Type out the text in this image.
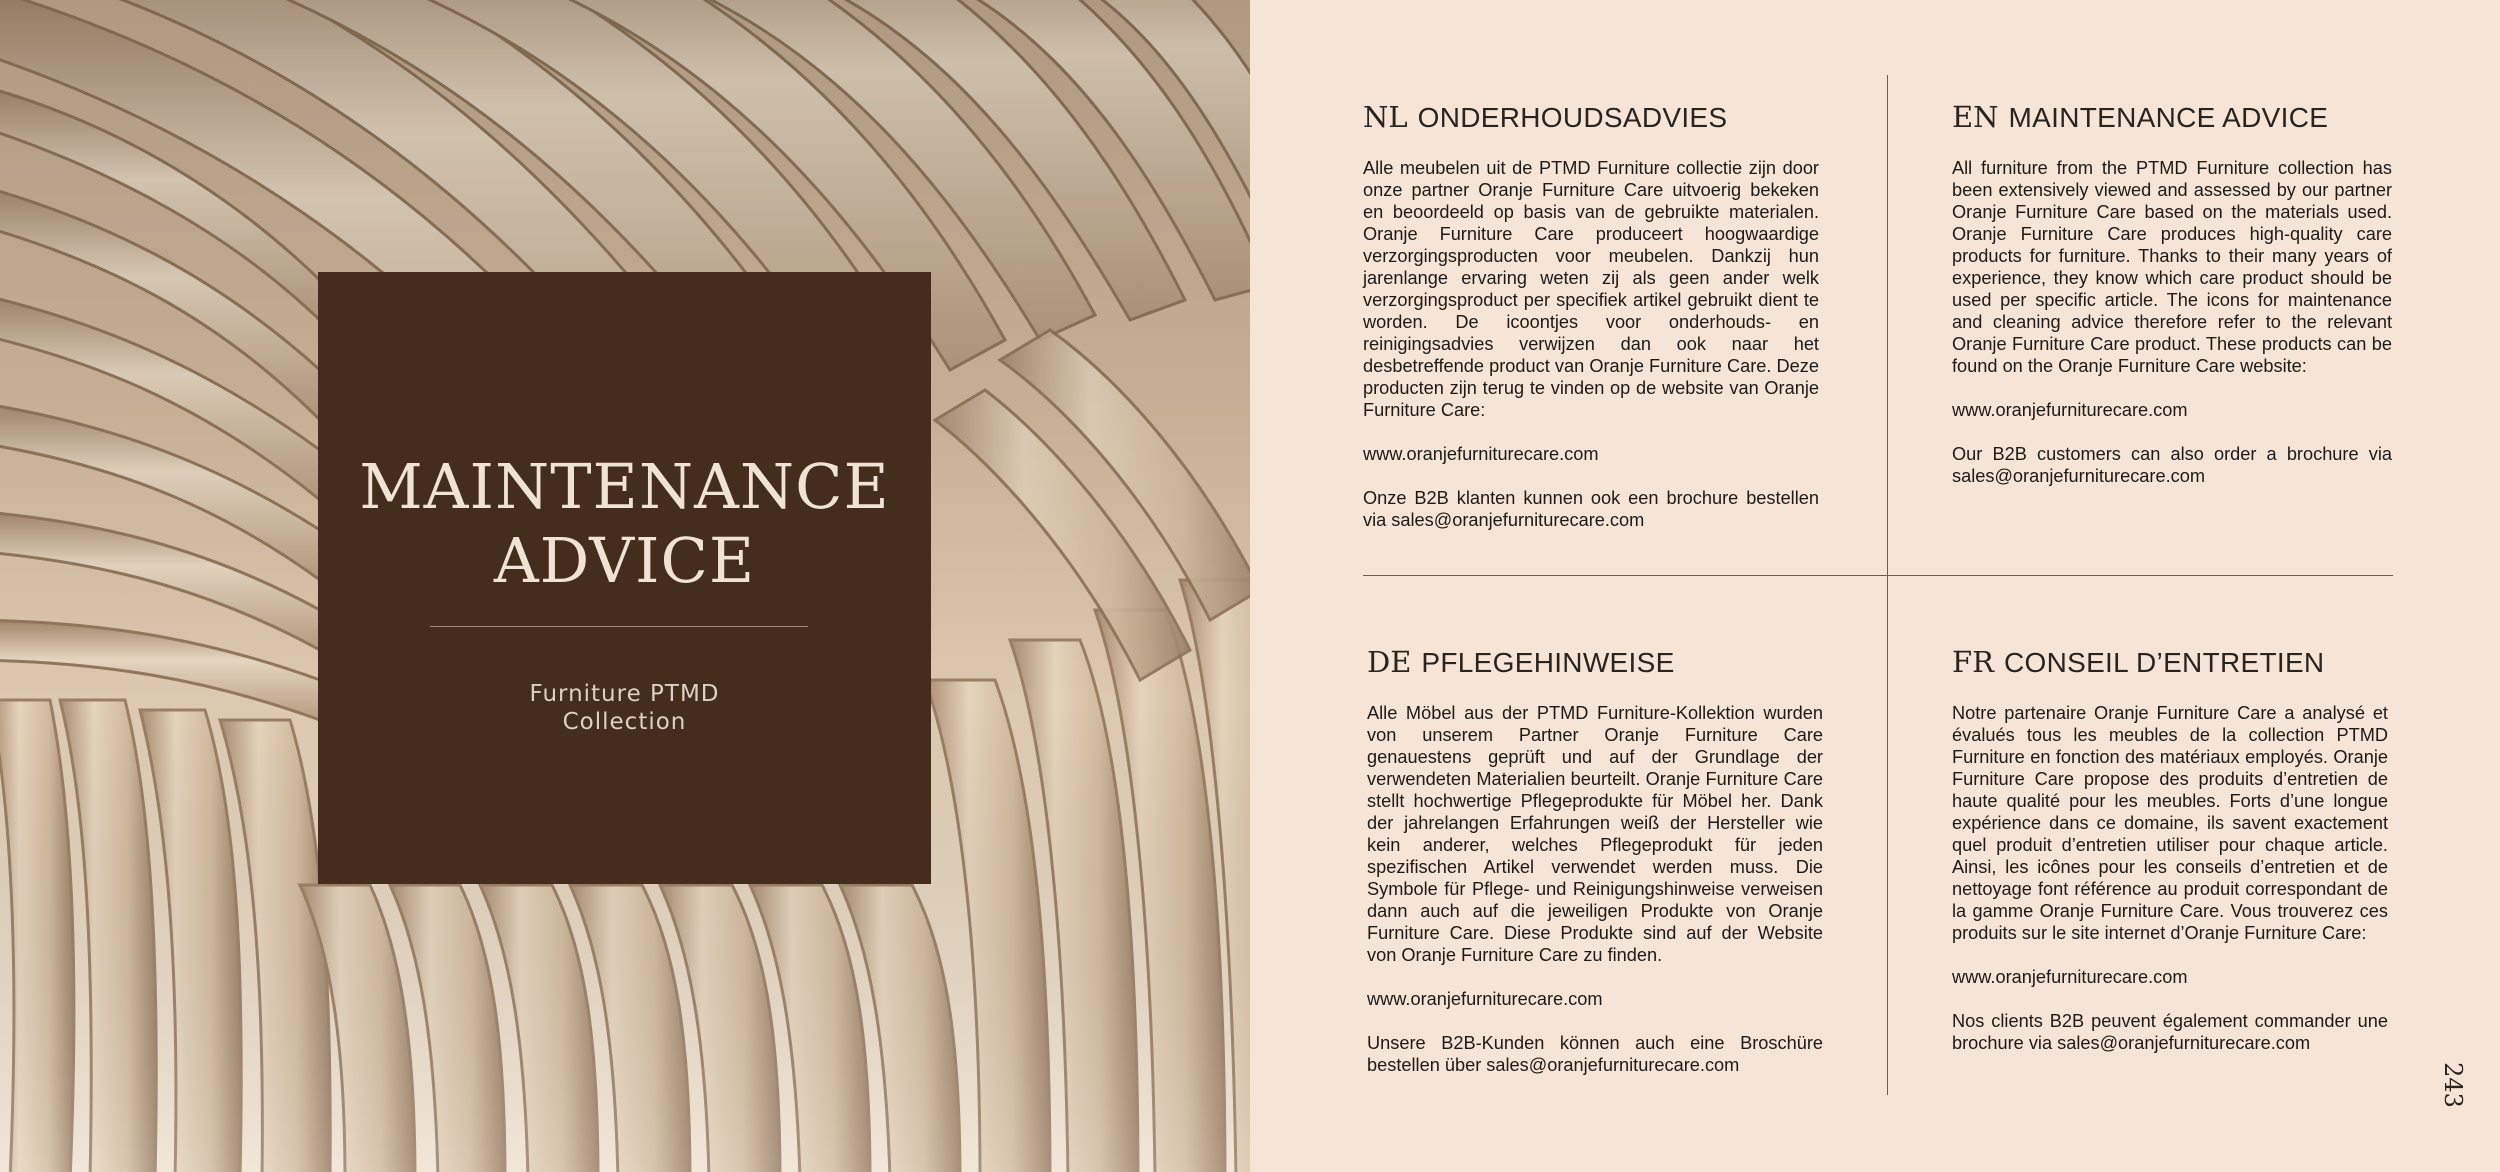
MAINTENANCE
ADVICE
Furniture PTMD
Collection
NL ONDERHOUDSADVIES

Alle meubelen uit de PTMD Furniture collectie zijn door onze partner Oranje Furniture Care uitvoerig bekeken en beoordeeld op basis van de gebruikte materialen. Oranje Furniture Care produceert hoogwaardige verzorgingsproducten voor meubelen. Dankzij hun jarenlange ervaring weten zij als geen ander welk verzorgingsproduct per specifiek artikel gebruikt dient te worden. De icoontjes voor onderhouds- en reinigingsadvies verwijzen dan ook naar het desbetreffende product van Oranje Furniture Care. Deze producten zijn terug te vinden op de website van Oranje Furniture Care:

www.oranjefurniturecare.com

Onze B2B klanten kunnen ook een brochure bestellen via sales@oranjefurniturecare.com

EN MAINTENANCE ADVICE

All furniture from the PTMD Furniture collection has been extensively viewed and assessed by our partner Oranje Furniture Care based on the materials used. Oranje Furniture Care produces high-quality care products for furniture. Thanks to their many years of experience, they know which care product should be used per specific article. The icons for maintenance and cleaning advice therefore refer to the relevant Oranje Furniture Care product. These products can be found on the Oranje Furniture Care website:

www.oranjefurniturecare.com

Our B2B customers can also order a brochure via sales@oranjefurniturecare.com

DE PFLEGEHINWEISE

Alle Möbel aus der PTMD Furniture-Kollektion wurden von unserem Partner Oranje Furniture Care genauestens geprüft und auf der Grundlage der verwendeten Materialien beurteilt. Oranje Furniture Care stellt hochwertige Pflegeprodukte für Möbel her. Dank der jahrelangen Erfahrungen weiß der Hersteller wie kein anderer, welches Pflegeprodukt für jeden spezifischen Artikel verwendet werden muss. Die Symbole für Pflege- und Reinigungshinweise verweisen dann auch auf die jeweiligen Produkte von Oranje Furniture Care. Diese Produkte sind auf der Website von Oranje Furniture Care zu finden.

www.oranjefurniturecare.com

Unsere B2B-Kunden können auch eine Broschüre bestellen über sales@oranjefurniturecare.com

FR CONSEIL D’ENTRETIEN

Notre partenaire Oranje Furniture Care a analysé et évalués tous les meubles de la collection PTMD Furniture en fonction des matériaux employés. Oranje Furniture Care propose des produits d’entretien de haute qualité pour les meubles. Forts d’une longue expérience dans ce domaine, ils savent exactement quel produit d’entretien utiliser pour chaque article. Ainsi, les icônes pour les conseils d’entretien et de nettoyage font référence au produit correspondant de la gamme Oranje Furniture Care. Vous trouverez ces produits sur le site internet d’Oranje Furniture Care:

www.oranjefurniturecare.com

Nos clients B2B peuvent également commander une brochure via sales@oranjefurniturecare.com

243
